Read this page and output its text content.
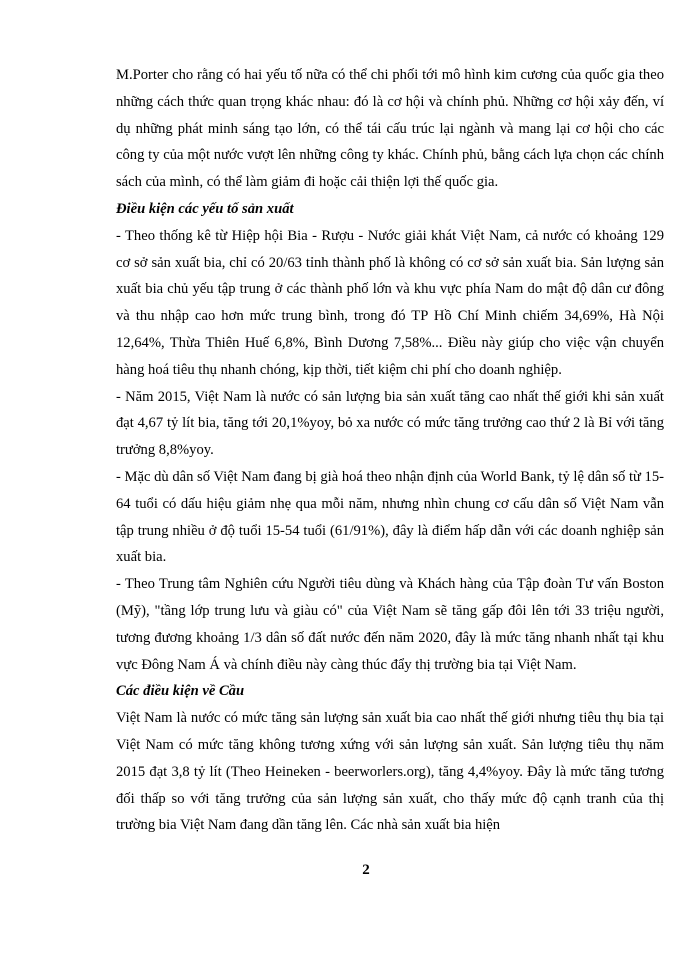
M.Porter cho rằng có hai yếu tố nữa có thể chi phối tới mô hình kim cương của quốc gia theo những cách thức quan trọng khác nhau: đó là cơ hội và chính phủ. Những cơ hội xảy đến, ví dụ những phát minh sáng tạo lớn, có thể tái cấu trúc lại ngành và mang lại cơ hội cho các công ty của một nước vượt lên những công ty khác. Chính phủ, bằng cách lựa chọn các chính sách của mình, có thể làm giảm đi hoặc cải thiện lợi thế quốc gia.

Điều kiện các yếu tố sản xuất

- Theo thống kê từ Hiệp hội Bia - Rượu - Nước giải khát Việt Nam, cả nước có khoảng 129 cơ sở sản xuất bia, chỉ có 20/63 tỉnh thành phố là không có cơ sở sản xuất bia. Sản lượng sản xuất bia chủ yếu tập trung ở các thành phố lớn và khu vực phía Nam do mật độ dân cư đông và thu nhập cao hơn mức trung bình, trong đó TP Hồ Chí Minh chiếm 34,69%, Hà Nội 12,64%, Thừa Thiên Huế 6,8%, Bình Dương 7,58%... Điều này giúp cho việc vận chuyển hàng hoá tiêu thụ nhanh chóng, kịp thời, tiết kiệm chi phí cho doanh nghiệp.

- Năm 2015, Việt Nam là nước có sản lượng bia sản xuất tăng cao nhất thế giới khi sản xuất đạt 4,67 tỷ lít bia, tăng tới 20,1%yoy, bỏ xa nước có mức tăng trưởng cao thứ 2 là Bỉ với tăng trưởng 8,8%yoy.

- Mặc dù dân số Việt Nam đang bị già hoá theo nhận định của World Bank, tỷ lệ dân số từ 15-64 tuổi có dấu hiệu giảm nhẹ qua mỗi năm, nhưng nhìn chung cơ cấu dân số Việt Nam vẫn tập trung nhiều ở độ tuổi 15-54 tuổi (61/91%), đây là điểm hấp dẫn với các doanh nghiệp sản xuất bia.

- Theo Trung tâm Nghiên cứu Người tiêu dùng và Khách hàng của Tập đoàn Tư vấn Boston (Mỹ), "tầng lớp trung lưu và giàu có" của Việt Nam sẽ tăng gấp đôi lên tới 33 triệu người, tương đương khoảng 1/3 dân số đất nước đến năm 2020, đây là mức tăng nhanh nhất tại khu vực Đông Nam Á và chính điều này càng thúc đẩy thị trường bia tại Việt Nam.

Các điều kiện về Cầu

Việt Nam là nước có mức tăng sản lượng sản xuất bia cao nhất thế giới nhưng tiêu thụ bia tại Việt Nam có mức tăng không tương xứng với sản lượng sản xuất. Sản lượng tiêu thụ năm 2015 đạt 3,8 tỷ lít (Theo Heineken - beerworlers.org), tăng 4,4%yoy. Đây là mức tăng tương đối thấp so với tăng trưởng của sản lượng sản xuất, cho thấy mức độ cạnh tranh của thị trường bia Việt Nam đang dần tăng lên. Các nhà sản xuất bia hiện

2
